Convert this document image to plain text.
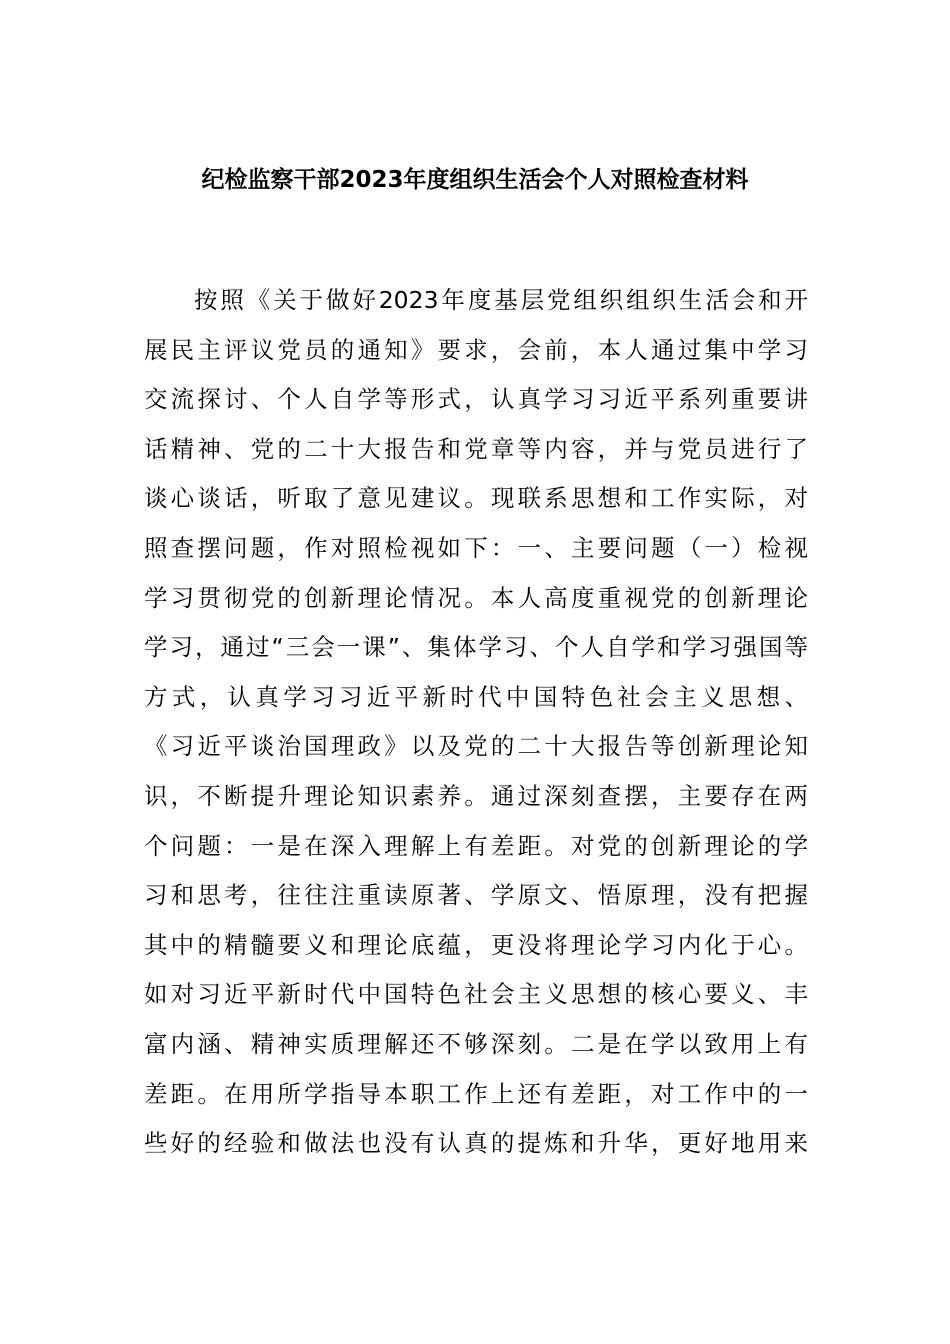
纪检监察干部2023年度组织生活会个人对照检查材料
按照《关于做好2023年度基层党组织组织生活会和开
展民主评议党员的通知》要求，会前，本人通过集中学习
交流探讨、个人自学等形式，认真学习习近平系列重要讲
话精神、党的二十大报告和党章等内容，并与党员进行了
谈心谈话，听取了意见建议。现联系思想和工作实际，对
照查摆问题，作对照检视如下：一、主要问题（一）检视
学习贯彻党的创新理论情况。本人高度重视党的创新理论
学习，通过“三会一课”、集体学习、个人自学和学习强国等
方式，认真学习习近平新时代中国特色社会主义思想、
《习近平谈治国理政》以及党的二十大报告等创新理论知
识，不断提升理论知识素养。通过深刻查摆，主要存在两
个问题：一是在深入理解上有差距。对党的创新理论的学
习和思考，往往注重读原著、学原文、悟原理，没有把握
其中的精髓要义和理论底蕴，更没将理论学习内化于心。
如对习近平新时代中国特色社会主义思想的核心要义、丰
富内涵、精神实质理解还不够深刻。二是在学以致用上有
差距。在用所学指导本职工作上还有差距，对工作中的一
些好的经验和做法也没有认真的提炼和升华，更好地用来
